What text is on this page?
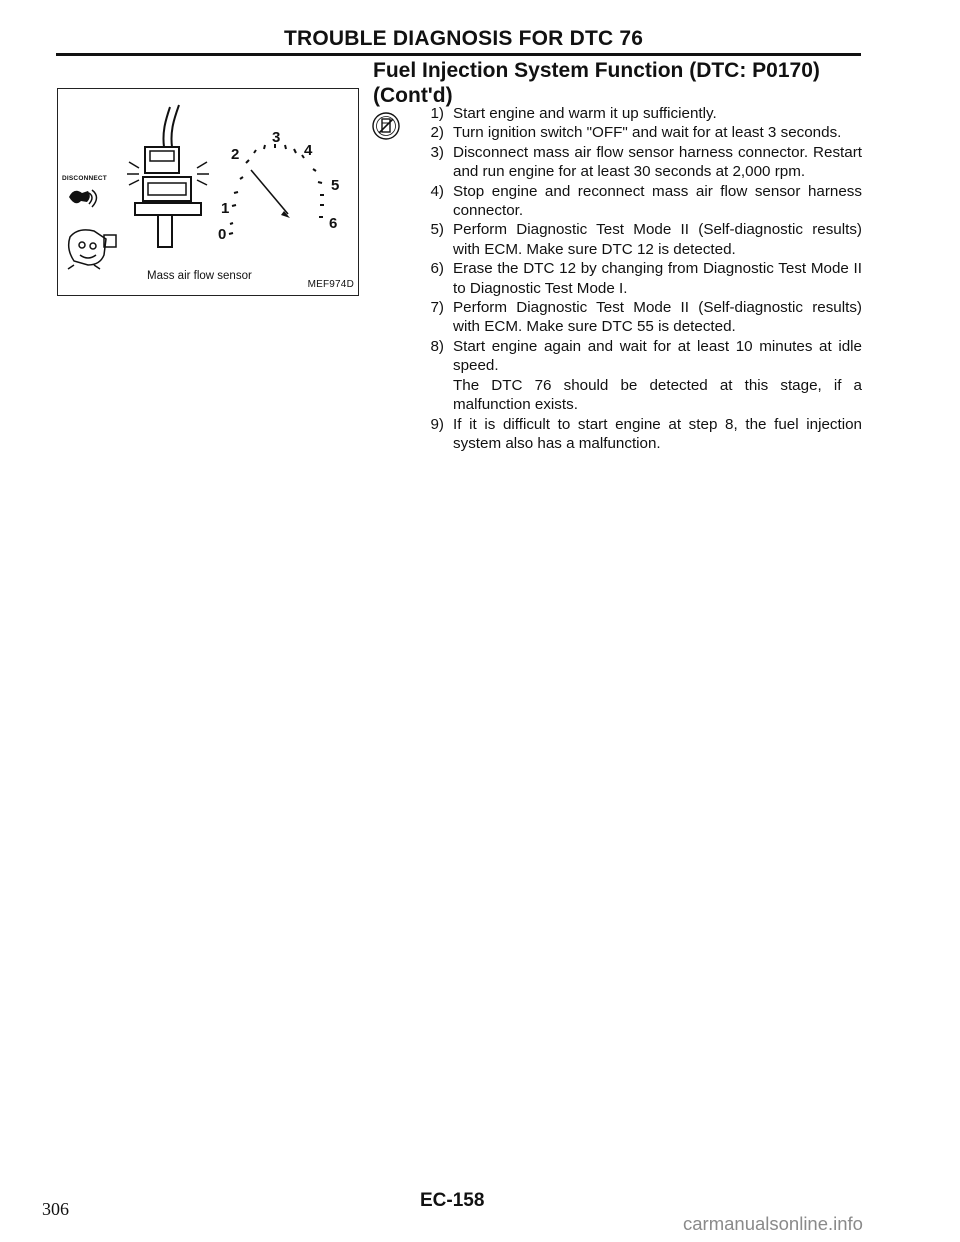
TROUBLE DIAGNOSIS FOR DTC 76
Fuel Injection System Function (DTC: P0170) (Cont'd)
0
1
2
3
4
5
6
DISCONNECT
Mass air flow sensor
MEF974D
1) Start engine and warm it up sufficiently.
2) Turn ignition switch "OFF" and wait for at least 3 seconds.
3) Disconnect mass air flow sensor harness connector. Restart and run engine for at least 30 seconds at 2,000 rpm.
4) Stop engine and reconnect mass air flow sensor harness connector.
5) Perform Diagnostic Test Mode II (Self-diagnostic results) with ECM. Make sure DTC 12 is detected.
6) Erase the DTC 12 by changing from Diagnostic Test Mode II to Diagnostic Test Mode I.
7) Perform Diagnostic Test Mode II (Self-diagnostic results) with ECM. Make sure DTC 55 is detected.
8) Start engine again and wait for at least 10 minutes at idle speed.
The DTC 76 should be detected at this stage, if a malfunction exists.
9) If it is difficult to start engine at step 8, the fuel injection system also has a malfunction.
306	EC-158
carmanualsonline.info
